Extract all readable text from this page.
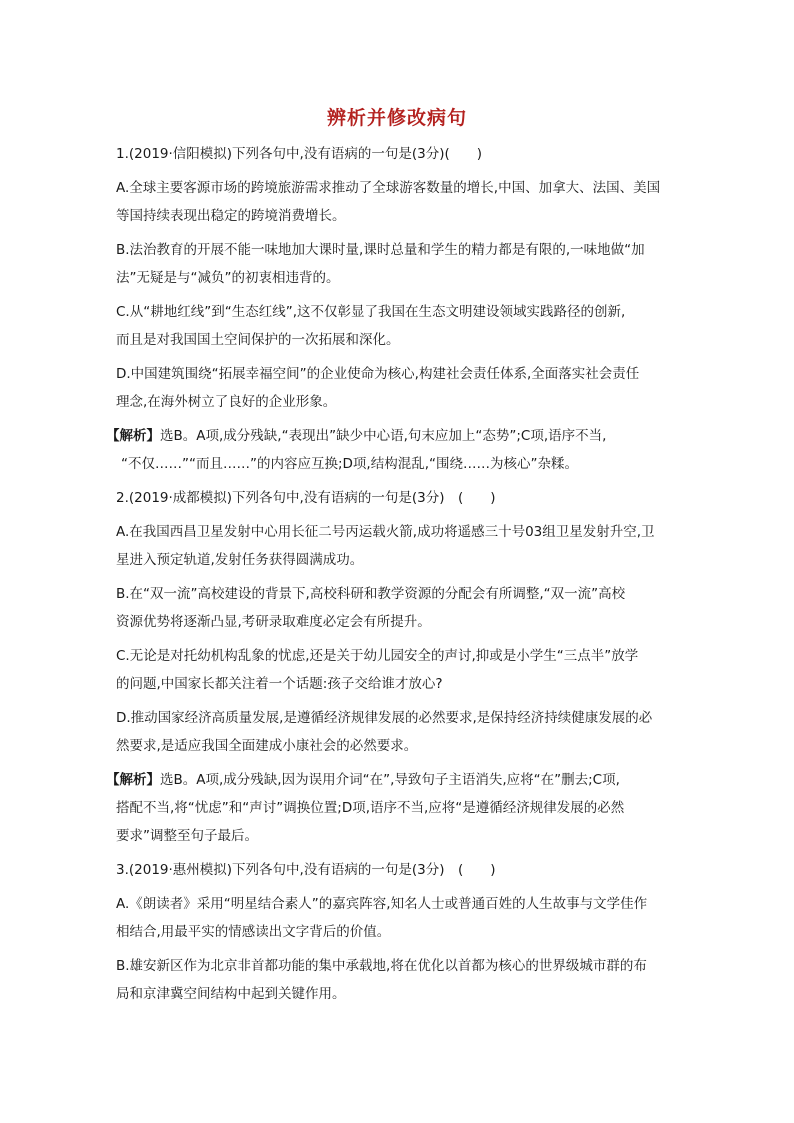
辨析并修改病句
1.(2019·信阳模拟)下列各句中,没有语病的一句是(3分)(　　)
A.全球主要客源市场的跨境旅游需求推动了全球游客数量的增长,中国、加拿大、法国、美国
等国持续表现出稳定的跨境消费增长。
B.法治教育的开展不能一味地加大课时量,课时总量和学生的精力都是有限的,一味地做“加
法”无疑是与“减负”的初衷相违背的。
C.从“耕地红线”到“生态红线”,这不仅彰显了我国在生态文明建设领域实践路径的创新,
而且是对我国国土空间保护的一次拓展和深化。
D.中国建筑围绕“拓展幸福空间”的企业使命为核心,构建社会责任体系,全面落实社会责任
理念,在海外树立了良好的企业形象。
【解析】选B。A项,成分残缺,“表现出”缺少中心语,句末应加上“态势”;C项,语序不当,
“不仅……”“而且……”的内容应互换;D项,结构混乱,“围绕……为核心”杂糅。
2.(2019·成都模拟)下列各句中,没有语病的一句是(3分)　(　　)
A.在我国西昌卫星发射中心用长征二号丙运载火箭,成功将遥感三十号03组卫星发射升空,卫
星进入预定轨道,发射任务获得圆满成功。
B.在“双一流”高校建设的背景下,高校科研和教学资源的分配会有所调整,“双一流”高校
资源优势将逐渐凸显,考研录取难度必定会有所提升。
C.无论是对托幼机构乱象的忧虑,还是关于幼儿园安全的声讨,抑或是小学生“三点半”放学
的问题,中国家长都关注着一个话题:孩子交给谁才放心?
D.推动国家经济高质量发展,是遵循经济规律发展的必然要求,是保持经济持续健康发展的必
然要求,是适应我国全面建成小康社会的必然要求。
【解析】选B。A项,成分残缺,因为误用介词“在”,导致句子主语消失,应将“在”删去;C项,
搭配不当,将“忧虑”和“声讨”调换位置;D项,语序不当,应将“是遵循经济规律发展的必然
要求”调整至句子最后。
3.(2019·惠州模拟)下列各句中,没有语病的一句是(3分)　(　　)
A.《朗读者》采用“明星结合素人”的嘉宾阵容,知名人士或普通百姓的人生故事与文学佳作
相结合,用最平实的情感读出文字背后的价值。
B.雄安新区作为北京非首都功能的集中承载地,将在优化以首都为核心的世界级城市群的布
局和京津冀空间结构中起到关键作用。
